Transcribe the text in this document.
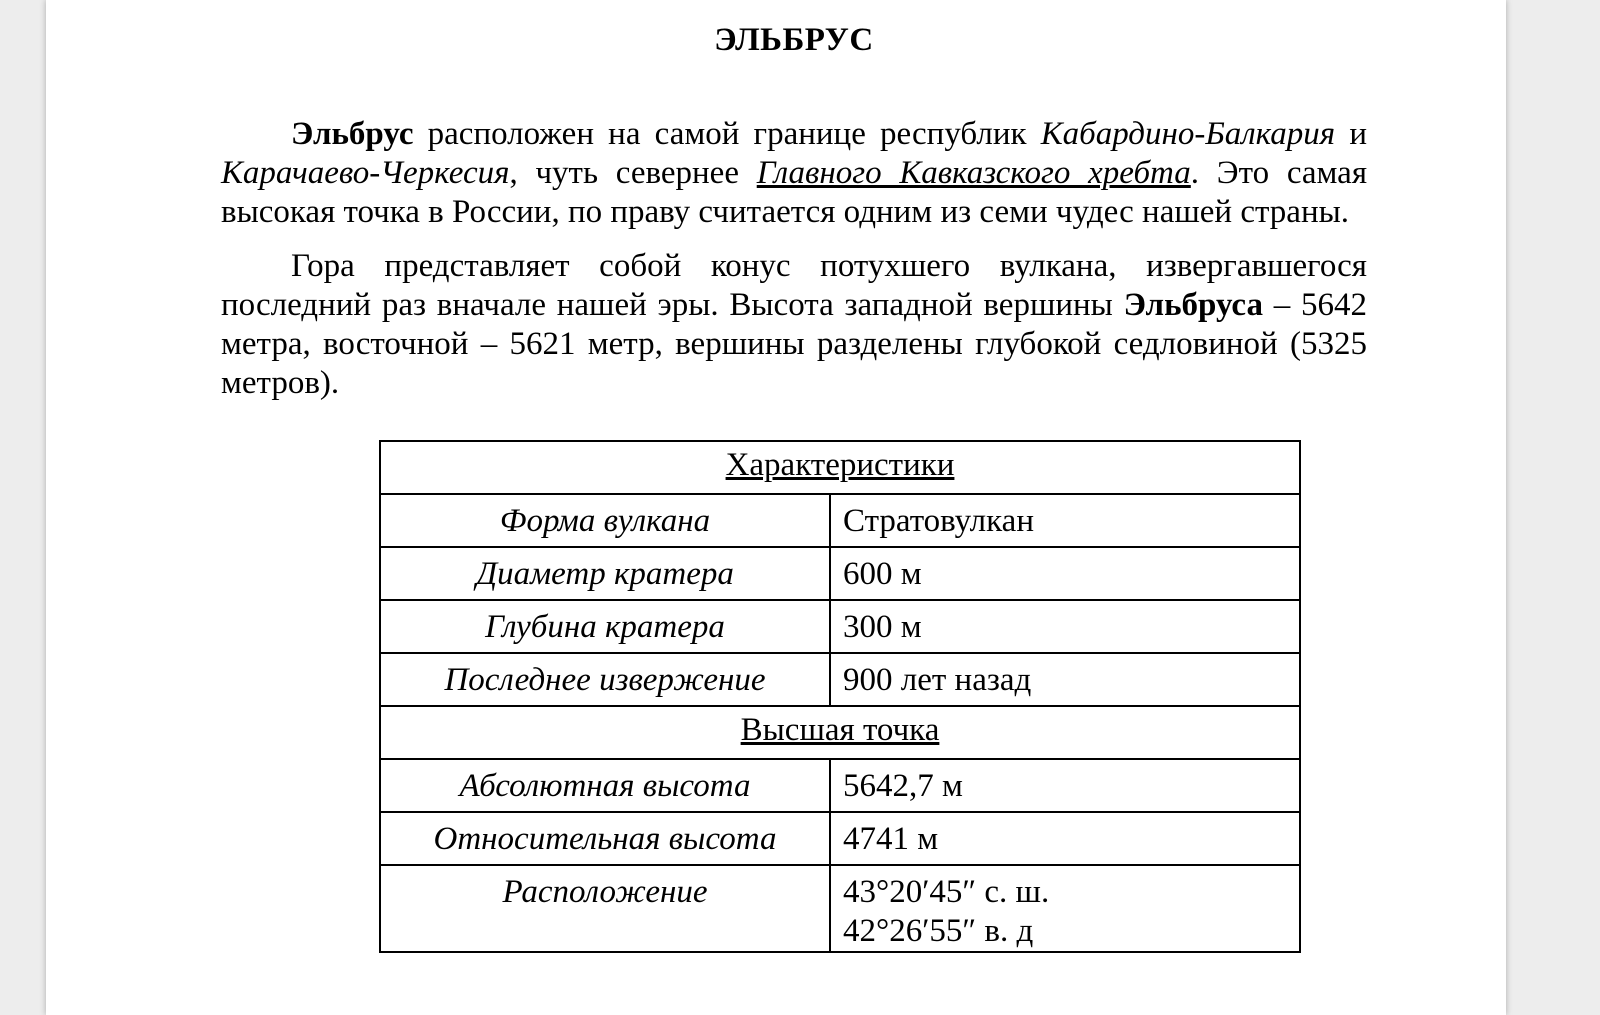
ЭЛЬБРУС

Эльбрус расположен на самой границе республик Кабардино-Балкария и Карачаево-Черкесия, чуть севернее Главного Кавказского хребта. Это самая высокая точка в России, по праву считается одним из семи чудес нашей страны.

Гора представляет собой конус потухшего вулкана, извергавшегося последний раз вначале нашей эры. Высота западной вершины Эльбруса – 5642 метра, восточной – 5621 метр, вершины разделены глубокой седловиной (5325 метров).

Характеристики	
Форма вулкана	Стратовулкан
Диаметр кратера	600 м
Глубина кратера	300 м
Последнее извержение	900 лет назад
Высшая точка	
Абсолютная высота	5642,7 м
Относительная высота	4741 м
Расположение	43°20′45″ с. ш.
42°26′55″ в. д
